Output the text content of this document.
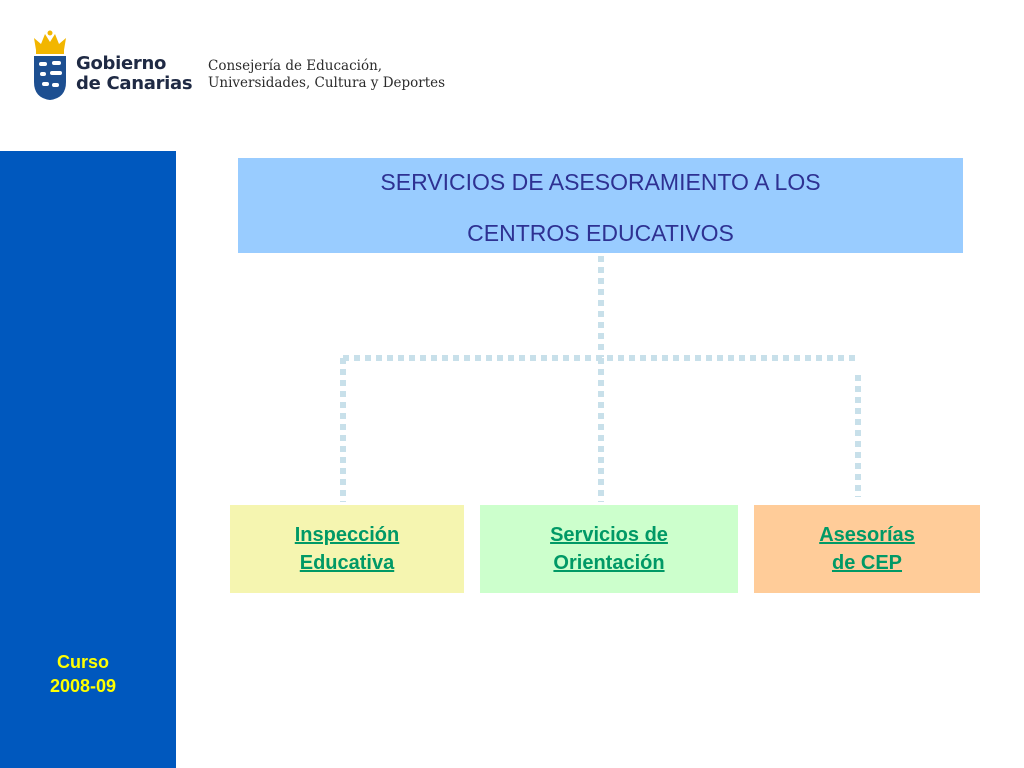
Gobierno
de Canarias
Consejería de Educación,
Universidades, Cultura y Deportes
Curso
2008-09
SERVICIOS DE ASESORAMIENTO A LOS
CENTROS EDUCATIVOS
Inspección
Educativa
Servicios de
Orientación
Asesorías
de CEP
